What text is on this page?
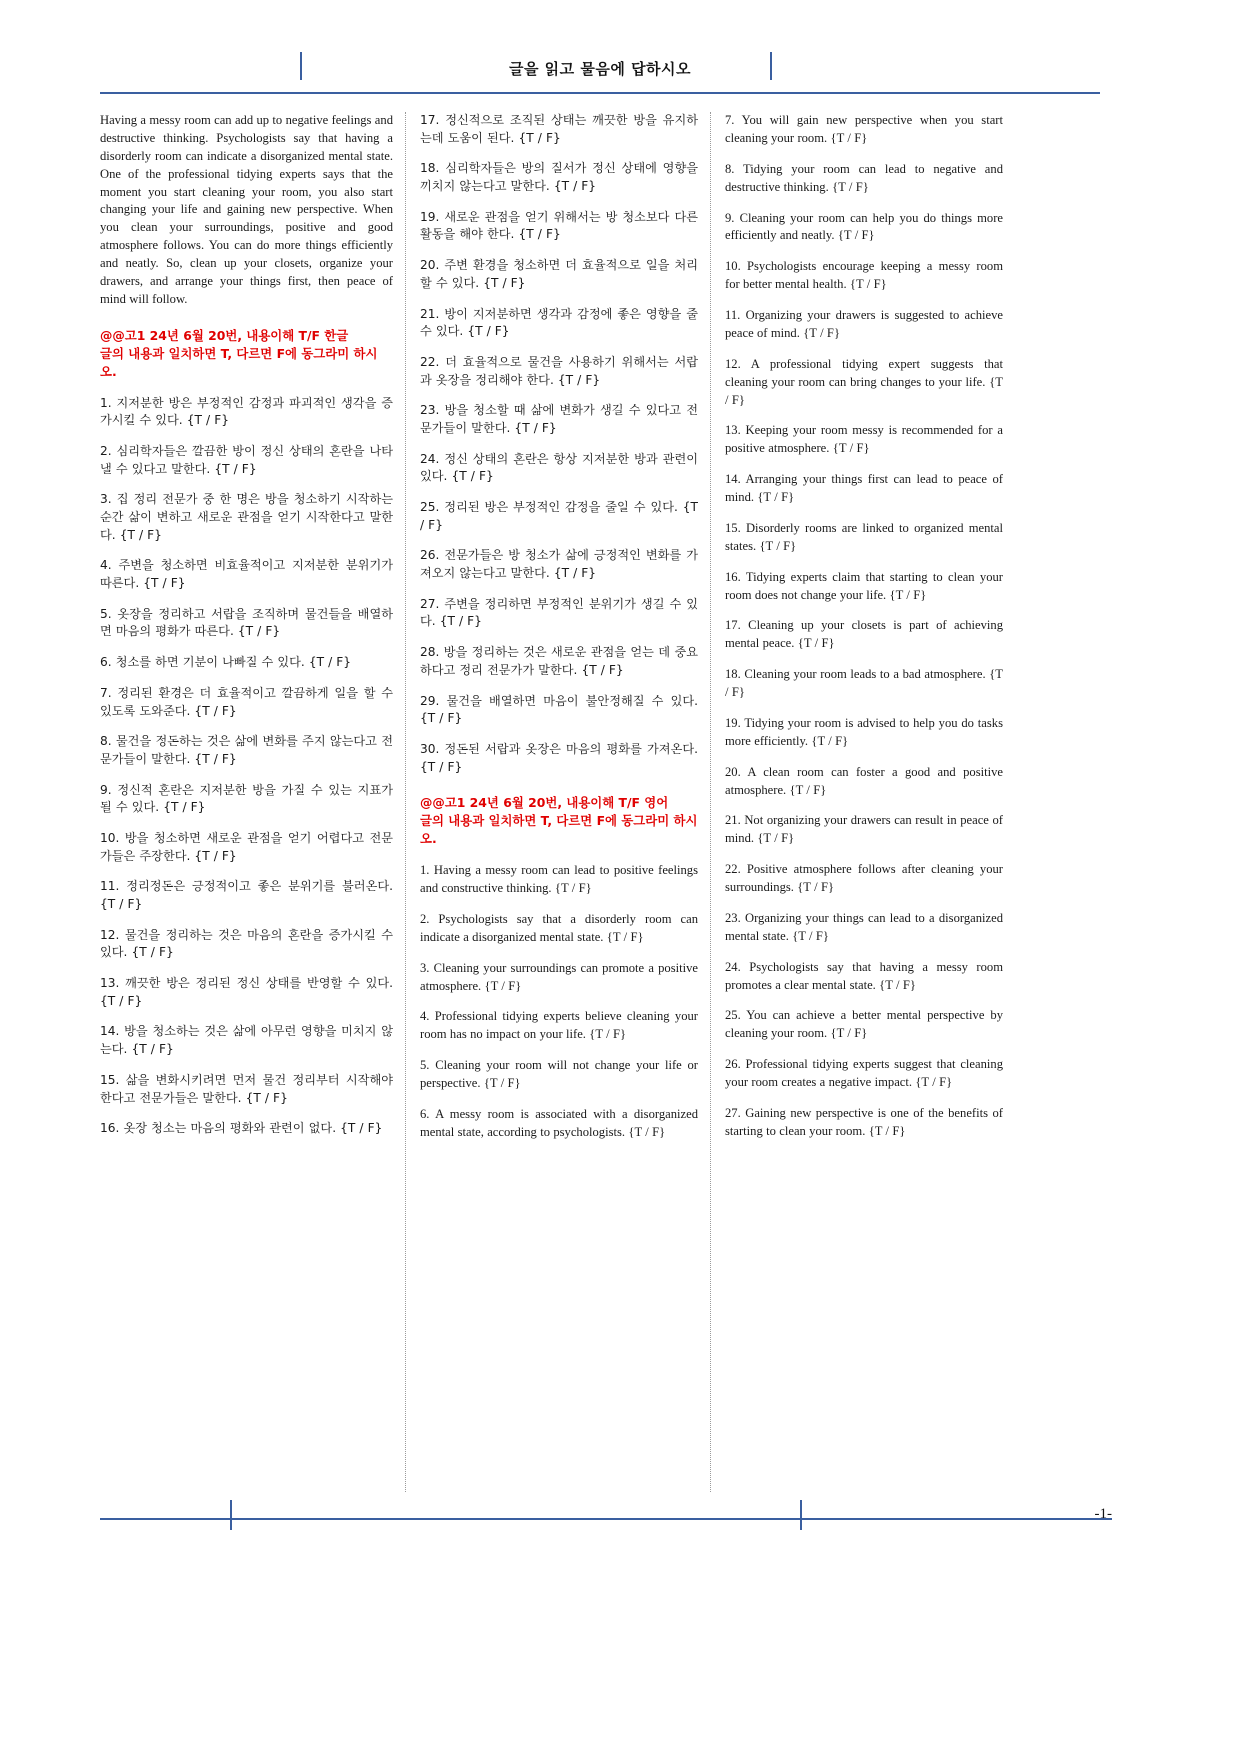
글을 읽고 물음에 답하시오

Having a messy room can add up to negative feelings and destructive thinking. Psychologists say that having a disorderly room can indicate a disorganized mental state. One of the professional tidying experts says that the moment you start cleaning your room, you also start changing your life and gaining new perspective. When you clean your surroundings, positive and good atmosphere follows. You can do more things efficiently and neatly. So, clean up your closets, organize your drawers, and arrange your things first, then peace of mind will follow.

@@고1 24년 6월 20번, 내용이해 T/F 한글
글의 내용과 일치하면 T, 다르면 F에 동그라미 하시오.

1. 지저분한 방은 부정적인 감정과 파괴적인 생각을 증가시킬 수 있다. {T / F}

2. 심리학자들은 깔끔한 방이 정신 상태의 혼란을 나타낼 수 있다고 말한다. {T / F}

3. 집 정리 전문가 중 한 명은 방을 청소하기 시작하는 순간 삶이 변하고 새로운 관점을 얻기 시작한다고 말한다. {T / F}

4. 주변을 청소하면 비효율적이고 지저분한 분위기가 따른다. {T / F}

5. 옷장을 정리하고 서랍을 조직하며 물건들을 배열하면 마음의 평화가 따른다. {T / F}

6. 청소를 하면 기분이 나빠질 수 있다. {T / F}

7. 정리된 환경은 더 효율적이고 깔끔하게 일을 할 수 있도록 도와준다. {T / F}

8. 물건을 정돈하는 것은 삶에 변화를 주지 않는다고 전문가들이 말한다. {T / F}

9. 정신적 혼란은 지저분한 방을 가질 수 있는 지표가 될 수 있다. {T / F}

10. 방을 청소하면 새로운 관점을 얻기 어렵다고 전문가들은 주장한다. {T / F}

11. 정리정돈은 긍정적이고 좋은 분위기를 불러온다. {T / F}

12. 물건을 정리하는 것은 마음의 혼란을 증가시킬 수 있다. {T / F}

13. 깨끗한 방은 정리된 정신 상태를 반영할 수 있다. {T / F}

14. 방을 청소하는 것은 삶에 아무런 영향을 미치지 않는다. {T / F}

15. 삶을 변화시키려면 먼저 물건 정리부터 시작해야 한다고 전문가들은 말한다. {T / F}

16. 옷장 청소는 마음의 평화와 관련이 없다. {T / F}

17. 정신적으로 조직된 상태는 깨끗한 방을 유지하는데 도움이 된다. {T / F}

18. 심리학자들은 방의 질서가 정신 상태에 영향을 끼치지 않는다고 말한다. {T / F}

19. 새로운 관점을 얻기 위해서는 방 청소보다 다른 활동을 해야 한다. {T / F}

20. 주변 환경을 청소하면 더 효율적으로 일을 처리할 수 있다. {T / F}

21. 방이 지저분하면 생각과 감정에 좋은 영향을 줄 수 있다. {T / F}

22. 더 효율적으로 물건을 사용하기 위해서는 서랍과 옷장을 정리해야 한다. {T / F}

23. 방을 청소할 때 삶에 변화가 생길 수 있다고 전문가들이 말한다. {T / F}

24. 정신 상태의 혼란은 항상 지저분한 방과 관련이 있다. {T / F}

25. 정리된 방은 부정적인 감정을 줄일 수 있다. {T / F}

26. 전문가들은 방 청소가 삶에 긍정적인 변화를 가져오지 않는다고 말한다. {T / F}

27. 주변을 정리하면 부정적인 분위기가 생길 수 있다. {T / F}

28. 방을 정리하는 것은 새로운 관점을 얻는 데 중요하다고 정리 전문가가 말한다. {T / F}

29. 물건을 배열하면 마음이 불안정해질 수 있다. {T / F}

30. 정돈된 서랍과 옷장은 마음의 평화를 가져온다. {T / F}

@@고1 24년 6월 20번, 내용이해 T/F 영어
글의 내용과 일치하면 T, 다르면 F에 동그라미 하시오.

1. Having a messy room can lead to positive feelings and constructive thinking. {T / F}

2. Psychologists say that a disorderly room can indicate a disorganized mental state. {T / F}

3. Cleaning your surroundings can promote a positive atmosphere. {T / F}

4. Professional tidying experts believe cleaning your room has no impact on your life. {T / F}

5. Cleaning your room will not change your life or perspective. {T / F}

6. A messy room is associated with a disorganized mental state, according to psychologists. {T / F}

7. You will gain new perspective when you start cleaning your room. {T / F}

8. Tidying your room can lead to negative and destructive thinking. {T / F}

9. Cleaning your room can help you do things more efficiently and neatly. {T / F}

10. Psychologists encourage keeping a messy room for better mental health. {T / F}

11. Organizing your drawers is suggested to achieve peace of mind. {T / F}

12. A professional tidying expert suggests that cleaning your room can bring changes to your life. {T / F}

13. Keeping your room messy is recommended for a positive atmosphere. {T / F}

14. Arranging your things first can lead to peace of mind. {T / F}

15. Disorderly rooms are linked to organized mental states. {T / F}

16. Tidying experts claim that starting to clean your room does not change your life. {T / F}

17. Cleaning up your closets is part of achieving mental peace. {T / F}

18. Cleaning your room leads to a bad atmosphere. {T / F}

19. Tidying your room is advised to help you do tasks more efficiently. {T / F}

20. A clean room can foster a good and positive atmosphere. {T / F}

21. Not organizing your drawers can result in peace of mind. {T / F}

22. Positive atmosphere follows after cleaning your surroundings. {T / F}

23. Organizing your things can lead to a disorganized mental state. {T / F}

24. Psychologists say that having a messy room promotes a clear mental state. {T / F}

25. You can achieve a better mental perspective by cleaning your room. {T / F}

26. Professional tidying experts suggest that cleaning your room creates a negative impact. {T / F}

27. Gaining new perspective is one of the benefits of starting to clean your room. {T / F}

-1-
